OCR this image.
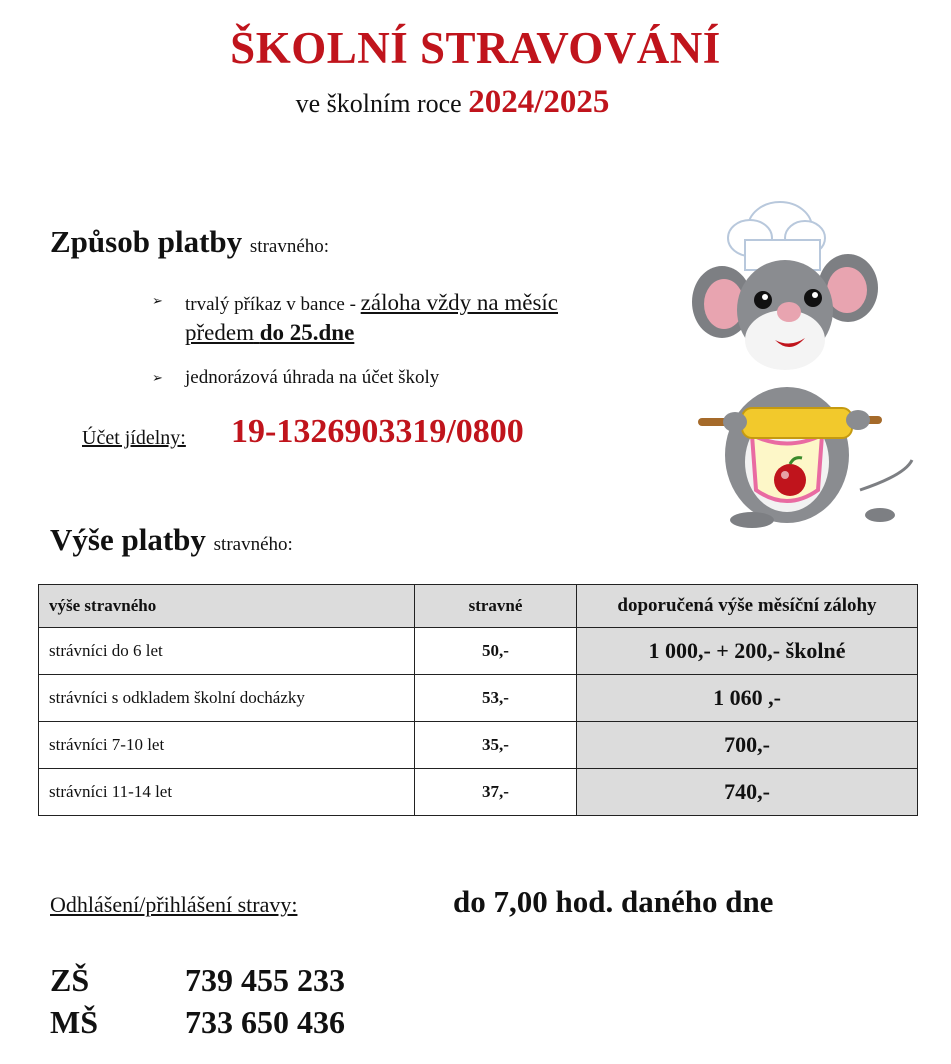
ŠKOLNÍ STRAVOVÁNÍ
ve školním roce 2024/2025
Způsob platby stravného:
➢ trvalý příkaz v bance - záloha vždy na měsíc
předem do 25.dne
➢ jednorázová úhrada na účet školy
Účet jídelny: 19-1326903319/0800
Výše platby stravného:
výše stravného	stravné	doporučená výše měsíční zálohy
strávníci do 6 let	50,-	1 000,- + 200,- školné
strávníci s odkladem školní docházky	53,-	1 060 ,-
strávníci 7-10 let	35,-	700,-
strávníci 11-14 let	37,-	740,-
Odhlášení/přihlášení stravy:	do 7,00 hod. daného dne
ZŠ	739 455 233
MŠ	733 650 436
